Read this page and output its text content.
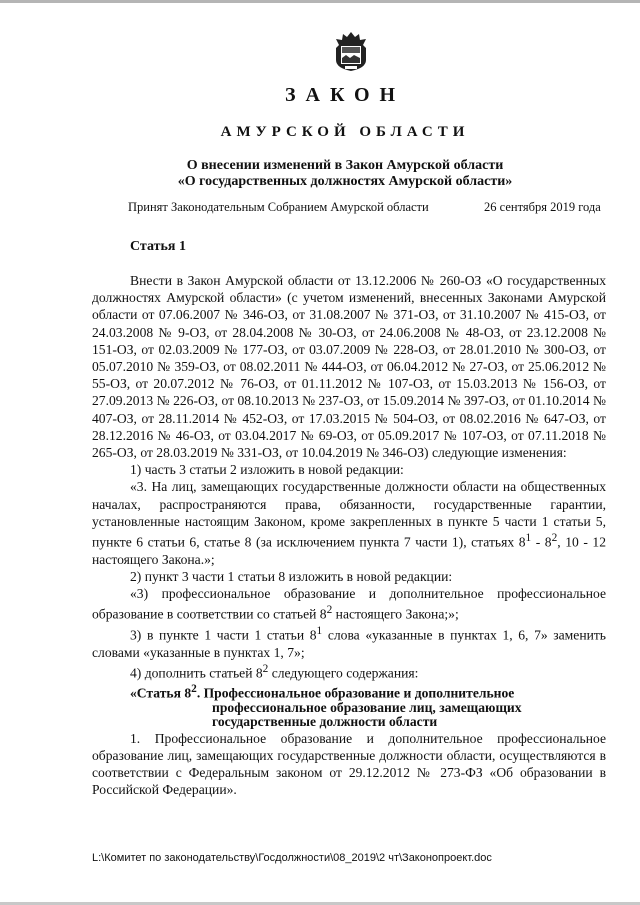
ЗАКОН
АМУРСКОЙ ОБЛАСТИ
О внесении изменений в Закон Амурской области
«О государственных должностях Амурской области»
Принят Законодательным Собранием Амурской области	26 сентября 2019 года
Статья 1

Внести в Закон Амурской области от 13.12.2006 № 260-ОЗ «О государственных должностях Амурской области» (с учетом изменений, внесенных Законами Амурской области от 07.06.2007 № 346-ОЗ, от 31.08.2007 № 371-ОЗ, от 31.10.2007 № 415-ОЗ, от 24.03.2008 № 9-ОЗ, от 28.04.2008 № 30-ОЗ, от 24.06.2008 № 48-ОЗ, от 23.12.2008 № 151-ОЗ, от 02.03.2009 № 177-ОЗ, от 03.07.2009 № 228-ОЗ, от 28.01.2010 № 300-ОЗ, от 05.07.2010 № 359-ОЗ, от 08.02.2011 № 444-ОЗ, от 06.04.2012 № 27-ОЗ, от 25.06.2012 № 55-ОЗ, от 20.07.2012 № 76-ОЗ, от 01.11.2012 № 107-ОЗ, от 15.03.2013 № 156-ОЗ, от 27.09.2013 № 226-ОЗ, от 08.10.2013 № 237-ОЗ, от 15.09.2014 № 397-ОЗ, от 01.10.2014 № 407-ОЗ, от 28.11.2014 № 452-ОЗ, от 17.03.2015 № 504-ОЗ, от 08.02.2016 № 647-ОЗ, от 28.12.2016 № 46-ОЗ, от 03.04.2017 № 69-ОЗ, от 05.09.2017 № 107-ОЗ, от 07.11.2018 № 265-ОЗ, от 28.03.2019 № 331-ОЗ, от 10.04.2019 № 346-ОЗ) следующие изменения:

1) часть 3 статьи 2 изложить в новой редакции:

«3. На лиц, замещающих государственные должности области на общественных началах, распространяются права, обязанности, государственные гарантии, установленные настоящим Законом, кроме закрепленных в пункте 5 части 1 статьи 5, пункте 6 статьи 6, статье 8 (за исключением пункта 7 части 1), статьях $8^1 - 8^2$, 10 - 12 настоящего Закона.»;

2) пункт 3 части 1 статьи 8 изложить в новой редакции:

«3) профессиональное образование и дополнительное профессиональное образование в соответствии со статьей $8^2$ настоящего Закона;»;

3) в пункте 1 части 1 статьи $8^1$ слова «указанные в пунктах 1, 6, 7» заменить словами «указанные в пунктах 1, 7»;

4) дополнить статьей $8^2$ следующего содержания:

«Статья $8^2$. Профессиональное образование и дополнительное
профессиональное образование лиц, замещающих
государственные должности области

1. Профессиональное образование и дополнительное профессиональное образование лиц, замещающих государственные должности области, осуществляются в соответствии с Федеральным законом от 29.12.2012 № 273-ФЗ «Об образовании в Российской Федерации».

L:\Комитет по законодательству\Госдолжности\08_2019\2 чт\Законопроект.doc
